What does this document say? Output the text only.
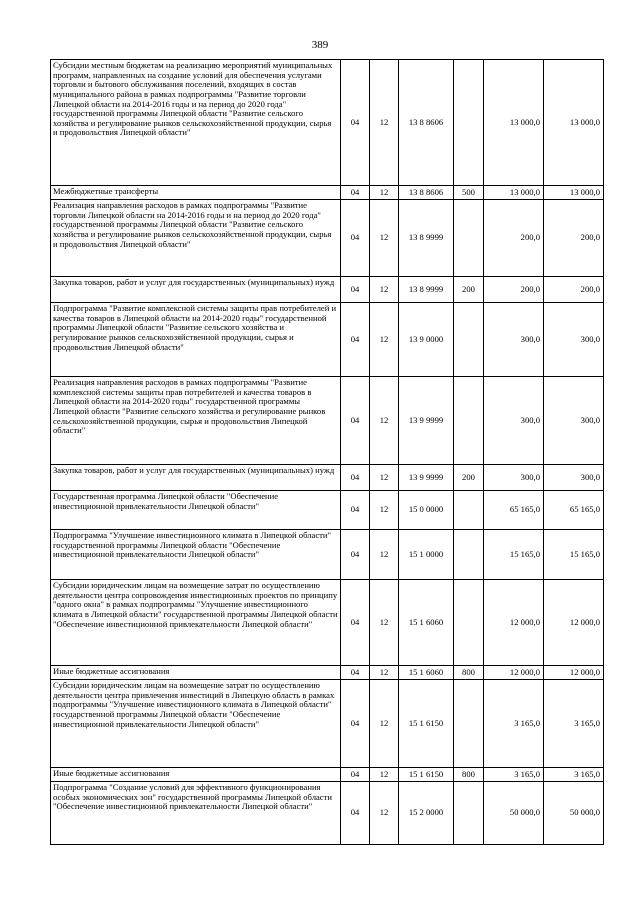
389
Субсидии местным бюджетам на реализацию мероприятий муниципальных программ, направленных на создание условий для обеспечения услугами торговли и бытового обслуживания поселений, входящих в состав муниципального района в рамках подпрограммы "Развитие торговли Липецкой области на 2014-2016 годы и на период до 2020 года" государственной программы Липецкой области "Развитие сельского хозяйства и регулирование рынков сельскохозяйственной продукции, сырья и продовольствия Липецкой области"	04	12	13 8 8606		13 000,0	13 000,0
Межбюджетные трансферты	04	12	13 8 8606	500	13 000,0	13 000,0
Реализация направления расходов в рамках подпрограммы "Развитие торговли Липецкой области на 2014-2016 годы и на период до 2020 года" государственной программы Липецкой области "Развитие сельского хозяйства и регулирование рынков сельскохозяйственной продукции, сырья и продовольствия Липецкой области"	04	12	13 8 9999		200,0	200,0
Закупка товаров, работ и услуг для государственных (муниципальных) нужд	04	12	13 8 9999	200	200,0	200,0
Подпрограмма "Развитие комплексной системы защиты прав потребителей и качества товаров в Липецкой области на 2014-2020 годы" государственной программы Липецкой области "Развитие сельского хозяйства и регулирование рынков сельскохозяйственной продукции, сырья и продовольствия Липецкой области"	04	12	13 9 0000		300,0	300,0
Реализация направления расходов в рамках подпрограммы "Развитие комплексной системы защиты прав потребителей и качества товаров в Липецкой области на 2014-2020 годы" государственной программы Липецкой области "Развитие сельского хозяйства и регулирование рынков сельскохозяйственной продукции, сырья и продовольствия Липецкой области"	04	12	13 9 9999		300,0	300,0
Закупка товаров, работ и услуг для государственных (муниципальных) нужд	04	12	13 9 9999	200	300,0	300,0
Государственная программа Липецкой области "Обеспечение инвестиционной привлекательности Липецкой области"	04	12	15 0 0000		65 165,0	65 165,0
Подпрограмма "Улучшение инвестиционного климата в Липецкой области" государственной программы Липецкой области "Обеспечение инвестиционной привлекательности Липецкой области"	04	12	15 1 0000		15 165,0	15 165,0
Субсидии юридическим лицам на возмещение затрат по осуществлению деятельности центра сопровождения инвестиционных проектов по принципу "одного окна" в рамках подпрограммы "Улучшение инвестиционного климата в Липецкой области" государственной программы Липецкой области "Обеспечение инвестиционной привлекательности Липецкой области"	04	12	15 1 6060		12 000,0	12 000,0
Иные бюджетные ассигнования	04	12	15 1 6060	800	12 000,0	12 000,0
Субсидии юридическим лицам на возмещение затрат по осуществлению деятельности центра привлечения инвестиций в Липецкую область в рамках подпрограммы "Улучшение инвестиционного климата в Липецкой области" государственной программы Липецкой области "Обеспечение инвестиционной привлекательности Липецкой области"	04	12	15 1 6150		3 165,0	3 165,0
Иные бюджетные ассигнования	04	12	15 1 6150	800	3 165,0	3 165,0
Подпрограмма "Создание условий для эффективного функционирования особых экономических зон" государственной программы Липецкой области "Обеспечение инвестиционной привлекательности Липецкой области"	04	12	15 2 0000		50 000,0	50 000,0
